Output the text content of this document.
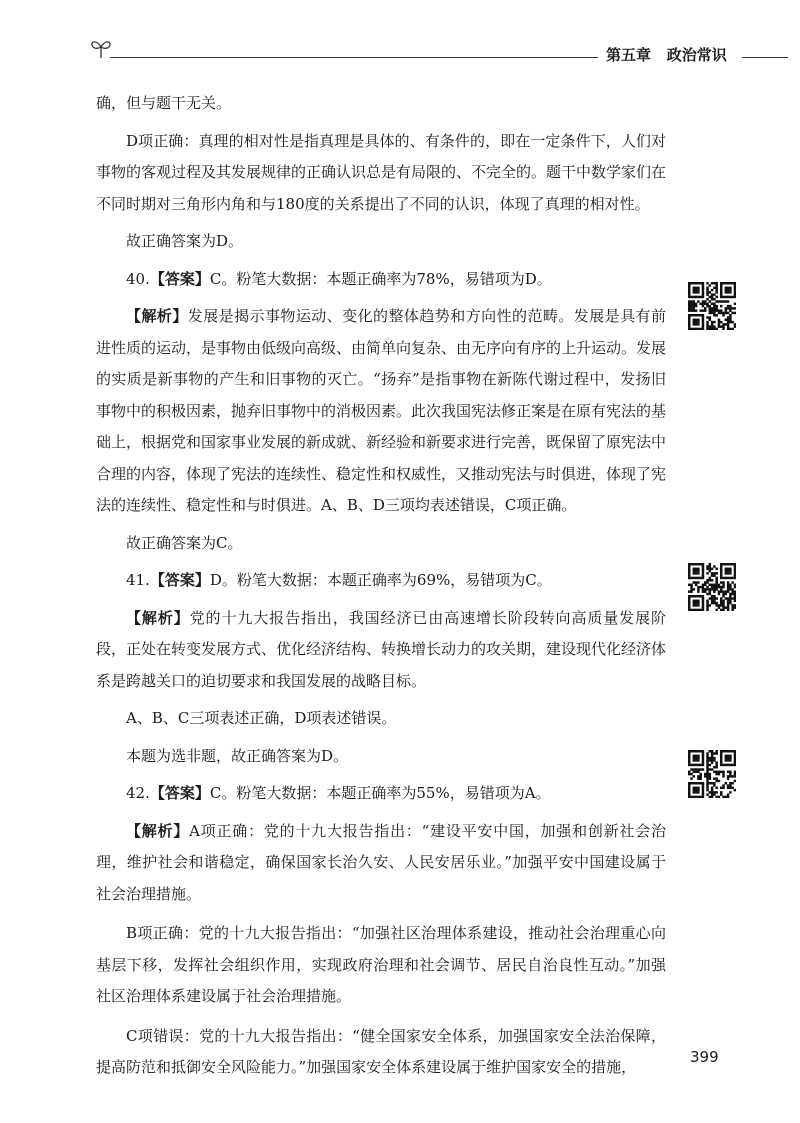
第五章 政治常识

确，但与题干无关。

D项正确：真理的相对性是指真理是具体的、有条件的，即在一定条件下，人们对事物的客观过程及其发展规律的正确认识总是有局限的、不完全的。题干中数学家们在不同时期对三角形内角和与180度的关系提出了不同的认识，体现了真理的相对性。

故正确答案为D。

40.【答案】C。粉笔大数据：本题正确率为78%，易错项为D。

【解析】发展是揭示事物运动、变化的整体趋势和方向性的范畴。发展是具有前进性质的运动，是事物由低级向高级、由简单向复杂、由无序向有序的上升运动。发展的实质是新事物的产生和旧事物的灭亡。“扬弃”是指事物在新陈代谢过程中，发扬旧事物中的积极因素，抛弃旧事物中的消极因素。此次我国宪法修正案是在原有宪法的基础上，根据党和国家事业发展的新成就、新经验和新要求进行完善，既保留了原宪法中合理的内容，体现了宪法的连续性、稳定性和权威性，又推动宪法与时俱进，体现了宪法的连续性、稳定性和与时俱进。A、B、D三项均表述错误，C项正确。

故正确答案为C。

41.【答案】D。粉笔大数据：本题正确率为69%，易错项为C。

【解析】党的十九大报告指出，我国经济已由高速增长阶段转向高质量发展阶段，正处在转变发展方式、优化经济结构、转换增长动力的攻关期，建设现代化经济体系是跨越关口的迫切要求和我国发展的战略目标。

A、B、C三项表述正确，D项表述错误。

本题为选非题，故正确答案为D。

42.【答案】C。粉笔大数据：本题正确率为55%，易错项为A。

【解析】A项正确：党的十九大报告指出：“建设平安中国，加强和创新社会治理，维护社会和谐稳定，确保国家长治久安、人民安居乐业。”加强平安中国建设属于社会治理措施。

B项正确：党的十九大报告指出：“加强社区治理体系建设，推动社会治理重心向基层下移，发挥社会组织作用，实现政府治理和社会调节、居民自治良性互动。”加强社区治理体系建设属于社会治理措施。

C项错误：党的十九大报告指出：“健全国家安全体系，加强国家安全法治保障，提高防范和抵御安全风险能力。”加强国家安全体系建设属于维护国家安全的措施，

399
